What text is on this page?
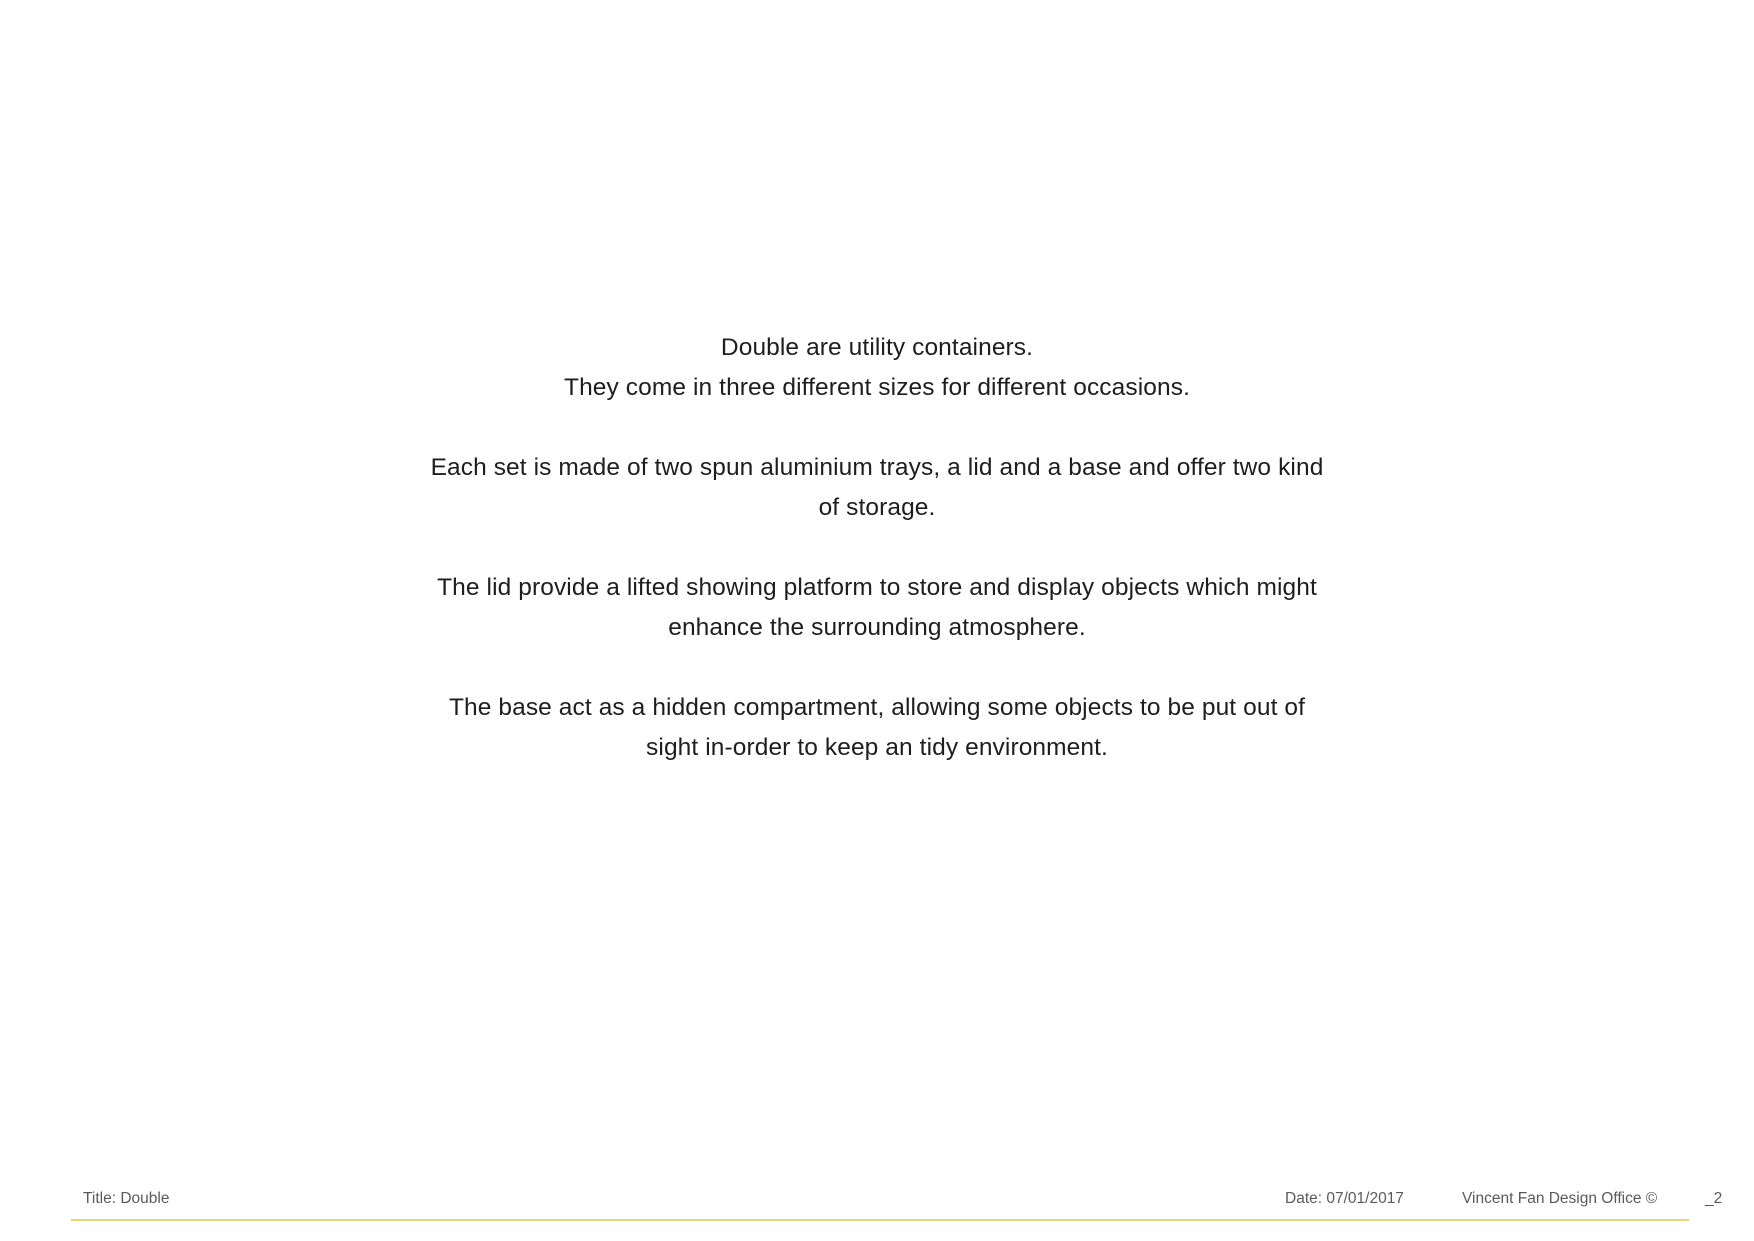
Double are utility containers.
They come in three different sizes for different occasions.

Each set is made of two spun aluminium trays, a lid and a base and offer two kind
of storage.

The lid provide a lifted showing platform to store and display objects which might
enhance the surrounding atmosphere.

The base act as a hidden compartment, allowing some objects to be put out of
sight in-order to keep an tidy environment.

Title: Double	Date: 07/01/2017	Vincent Fan Design Office ©	_2
